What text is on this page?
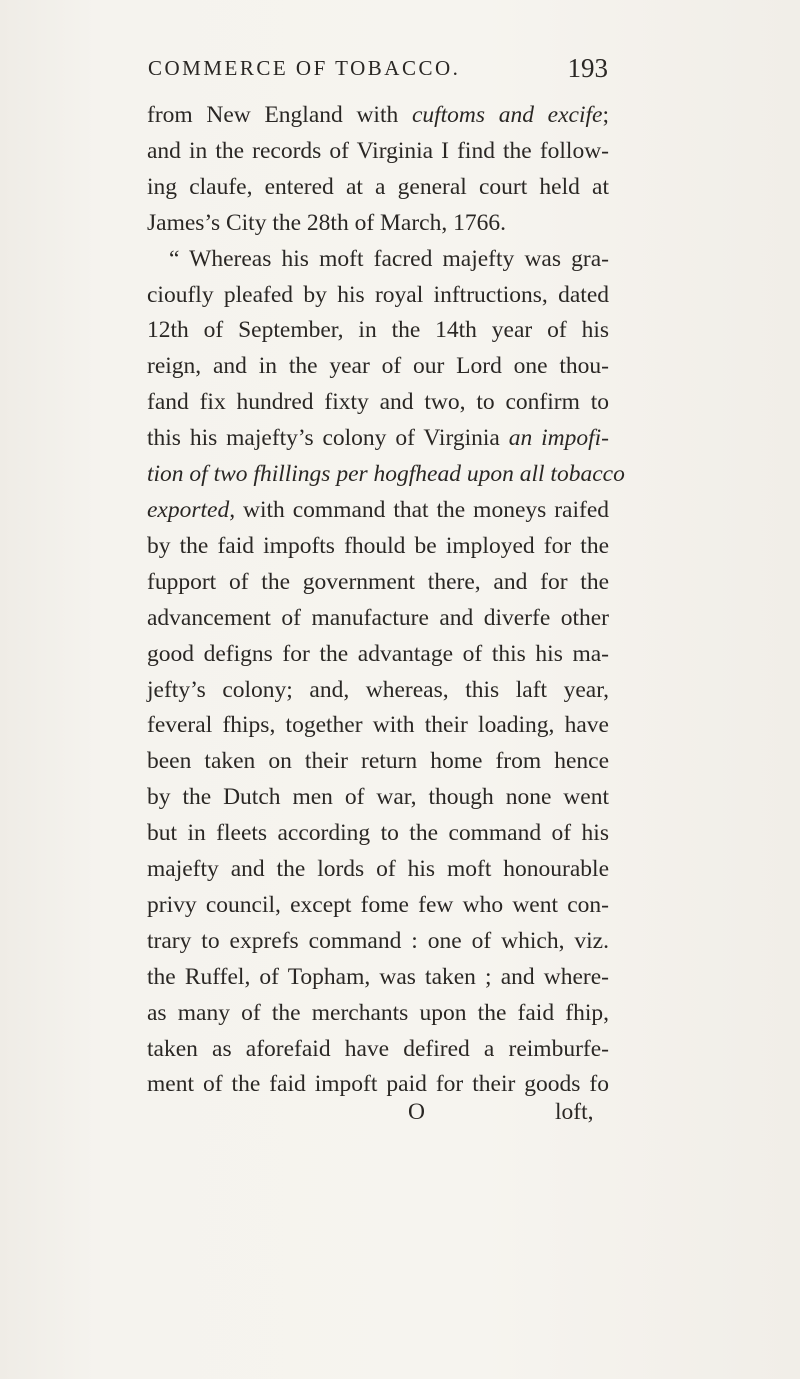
COMMERCE OF TOBACCO.	193
from New England with cuftoms and excife;
and in the records of Virginia I find the follow-
ing claufe, entered at a general court held at
James’s City the 28th of March, 1766.
“ Whereas his moft facred majefty was gra-
cioufly pleafed by his royal inftructions, dated
12th of September, in the 14th year of his
reign, and in the year of our Lord one thou-
fand fix hundred fixty and two, to confirm to
this his majefty’s colony of Virginia an impofi-
tion of two fhillings per hogfhead upon all tobacco
exported, with command that the moneys raifed
by the faid impofts fhould be imployed for the
fupport of the government there, and for the
advancement of manufacture and diverfe other
good defigns for the advantage of this his ma-
jefty’s colony; and, whereas, this laft year,
feveral fhips, together with their loading, have
been taken on their return home from hence
by the Dutch men of war, though none went
but in fleets according to the command of his
majefty and the lords of his moft honourable
privy council, except fome few who went con-
trary to exprefs command : one of which, viz.
the Ruffel, of Topham, was taken ; and where-
as many of the merchants upon the faid fhip,
taken as aforefaid have defired a reimburfe-
ment of the faid impoft paid for their goods fo
O	loft,
